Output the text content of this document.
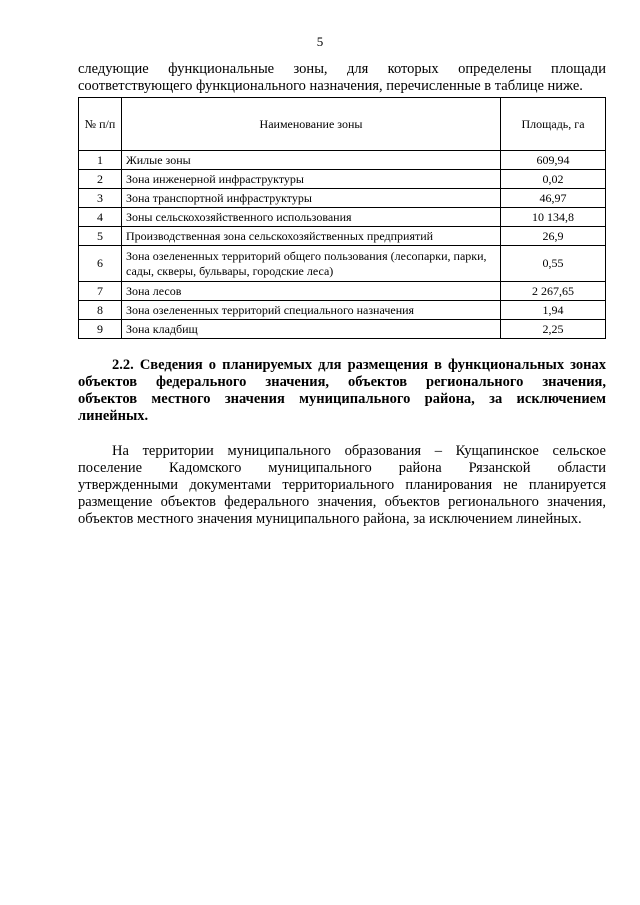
5
следующие функциональные зоны, для которых определены площади
соответствующего функционального назначения, перечисленные в таблице ниже.
№ п/п	Наименование зоны	Площадь, га
1	Жилые зоны	609,94
2	Зона инженерной инфраструктуры	0,02
3	Зона транспортной инфраструктуры	46,97
4	Зоны сельскохозяйственного использования	10 134,8
5	Производственная зона сельскохозяйственных предприятий	26,9
6	Зона озелененных территорий общего пользования (лесопарки, парки, сады, скверы, бульвары, городские леса)	0,55
7	Зона лесов	2 267,65
8	Зона озелененных территорий специального назначения	1,94
9	Зона кладбищ	2,25
2.2. Сведения о планируемых для размещения в функциональных зонах
объектов федерального значения, объектов регионального значения,
объектов местного значения муниципального района, за исключением
линейных.
На территории муниципального образования – Кущапинское сельское
поселение Кадомского муниципального района Рязанской области
утвержденными документами территориального планирования не планируется
размещение объектов федерального значения, объектов регионального значения,
объектов местного значения муниципального района, за исключением линейных.
